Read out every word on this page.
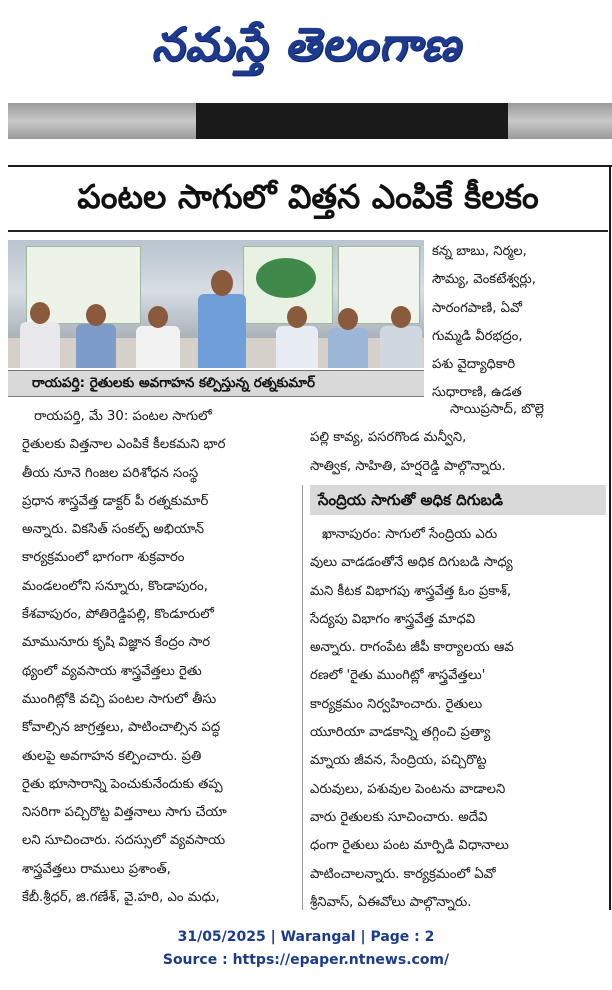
నమస్తే తెలంగాణ
పంటల సాగులో విత్తన ఎంపికే కీలకం
రాయపర్తి: రైతులకు అవగాహన కల్పిస్తున్న రత్నకుమార్
కన్న బాబు, నిర్మల,
సౌమ్య, వెంకటేశ్వర్లు,
సారంగపాణి, ఏవో
గుమ్మడి వీరభద్రం,
పశు వైద్యాధికారి
సుధారాణి, ఉడత
సాయిప్రసాద్, బొల్లె
పల్లి కావ్య, పసరగొండ మన్వీని,
సాత్విక, సాహితి, హర్షరెడ్డి పాల్గొన్నారు.
రాయపర్తి, మే 30: పంటల సాగులో
రైతులకు విత్తనాల ఎంపికే కీలకమని భార
తీయ నూనె గింజల పరిశోధన సంస్థ
ప్రధాన శాస్త్రవేత్త డాక్టర్ పీ రత్నకుమార్
అన్నారు. వికసిత్ సంకల్ప్ అభియాన్
కార్యక్రమంలో భాగంగా శుక్రవారం
మండలంలోని సన్నూరు, కొండాపురం,
కేశవాపురం, పోతిరెడ్డిపల్లి, కొండూరులో
మామునూరు కృషి విజ్ఞాన కేంద్రం సార
థ్యంలో వ్యవసాయ శాస్త్రవేత్తలు రైతు
ముంగిట్లోకి వచ్చి పంటల సాగులో తీసు
కోవాల్సిన జాగ్రత్తలు, పాటించాల్సిన పద్ధ
తులపై అవగాహన కల్పించారు. ప్రతి
రైతు భూసారాన్ని పెంచుకునేందుకు తప్ప
నిసరిగా పచ్చిరొట్ట విత్తనాలు సాగు చేయా
లని సూచించారు. సదస్సులో వ్యవసాయ
శాస్త్రవేత్తలు రాములు ప్రశాంత్,
కేబీ.శ్రీధర్, జి.గణేశ్, వై.హరి, ఎం మధు,
సేంద్రియ సాగుతో అధిక దిగుబడి
ఖానాపురం: సాగులో సేంద్రియ ఎరు
వులు వాడడంతోనే అధిక దిగుబడి సాధ్య
మని కీటక విభాగపు శాస్త్రవేత్త ఓం ప్రకాశ్,
సేద్యపు విభాగం శాస్త్రవేత్త మాధవి
అన్నారు. రాగంపేట జీపీ కార్యాలయ ఆవ
రణలో 'రైతు ముంగిట్లో శాస్త్రవేత్తలు'
కార్యక్రమం నిర్వహించారు. రైతులు
యూరియా వాడకాన్ని తగ్గించి ప్రత్యా
మ్నాయ జీవన, సేంద్రియ, పచ్చిరొట్ట
ఎరువులు, పశువుల పెంటను వాడాలని
వారు రైతులకు సూచించారు. అదేవి
ధంగా రైతులు పంట మార్పిడి విధానాలు
పాటించాలన్నారు. కార్యక్రమంలో ఏవో
శ్రీనివాస్, ఏఈవోలు పాల్గొన్నారు.
31/05/2025 | Warangal | Page : 2
Source : https://epaper.ntnews.com/
